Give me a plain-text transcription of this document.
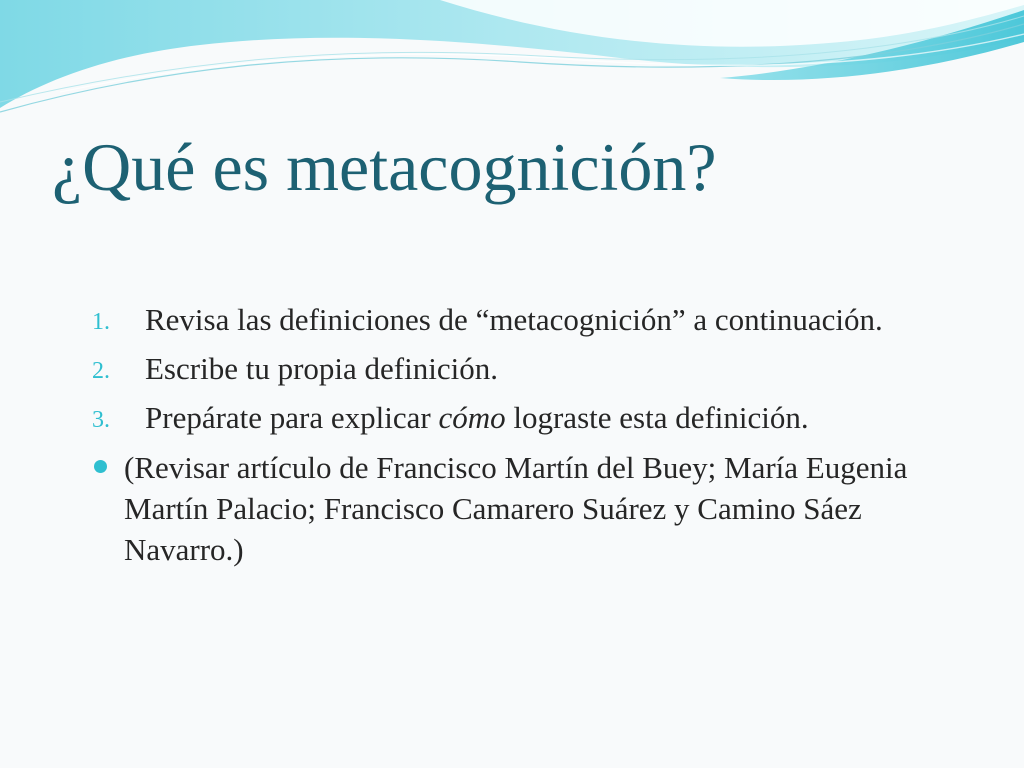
¿Qué es metacognición?
1. Revisa las definiciones de “metacognición” a continuación.
2. Escribe tu propia definición.
3. Prepárate para explicar cómo lograste esta definición.
(Revisar artículo de Francisco Martín del Buey; María Eugenia Martín Palacio; Francisco Camarero Suárez y Camino Sáez Navarro.)
